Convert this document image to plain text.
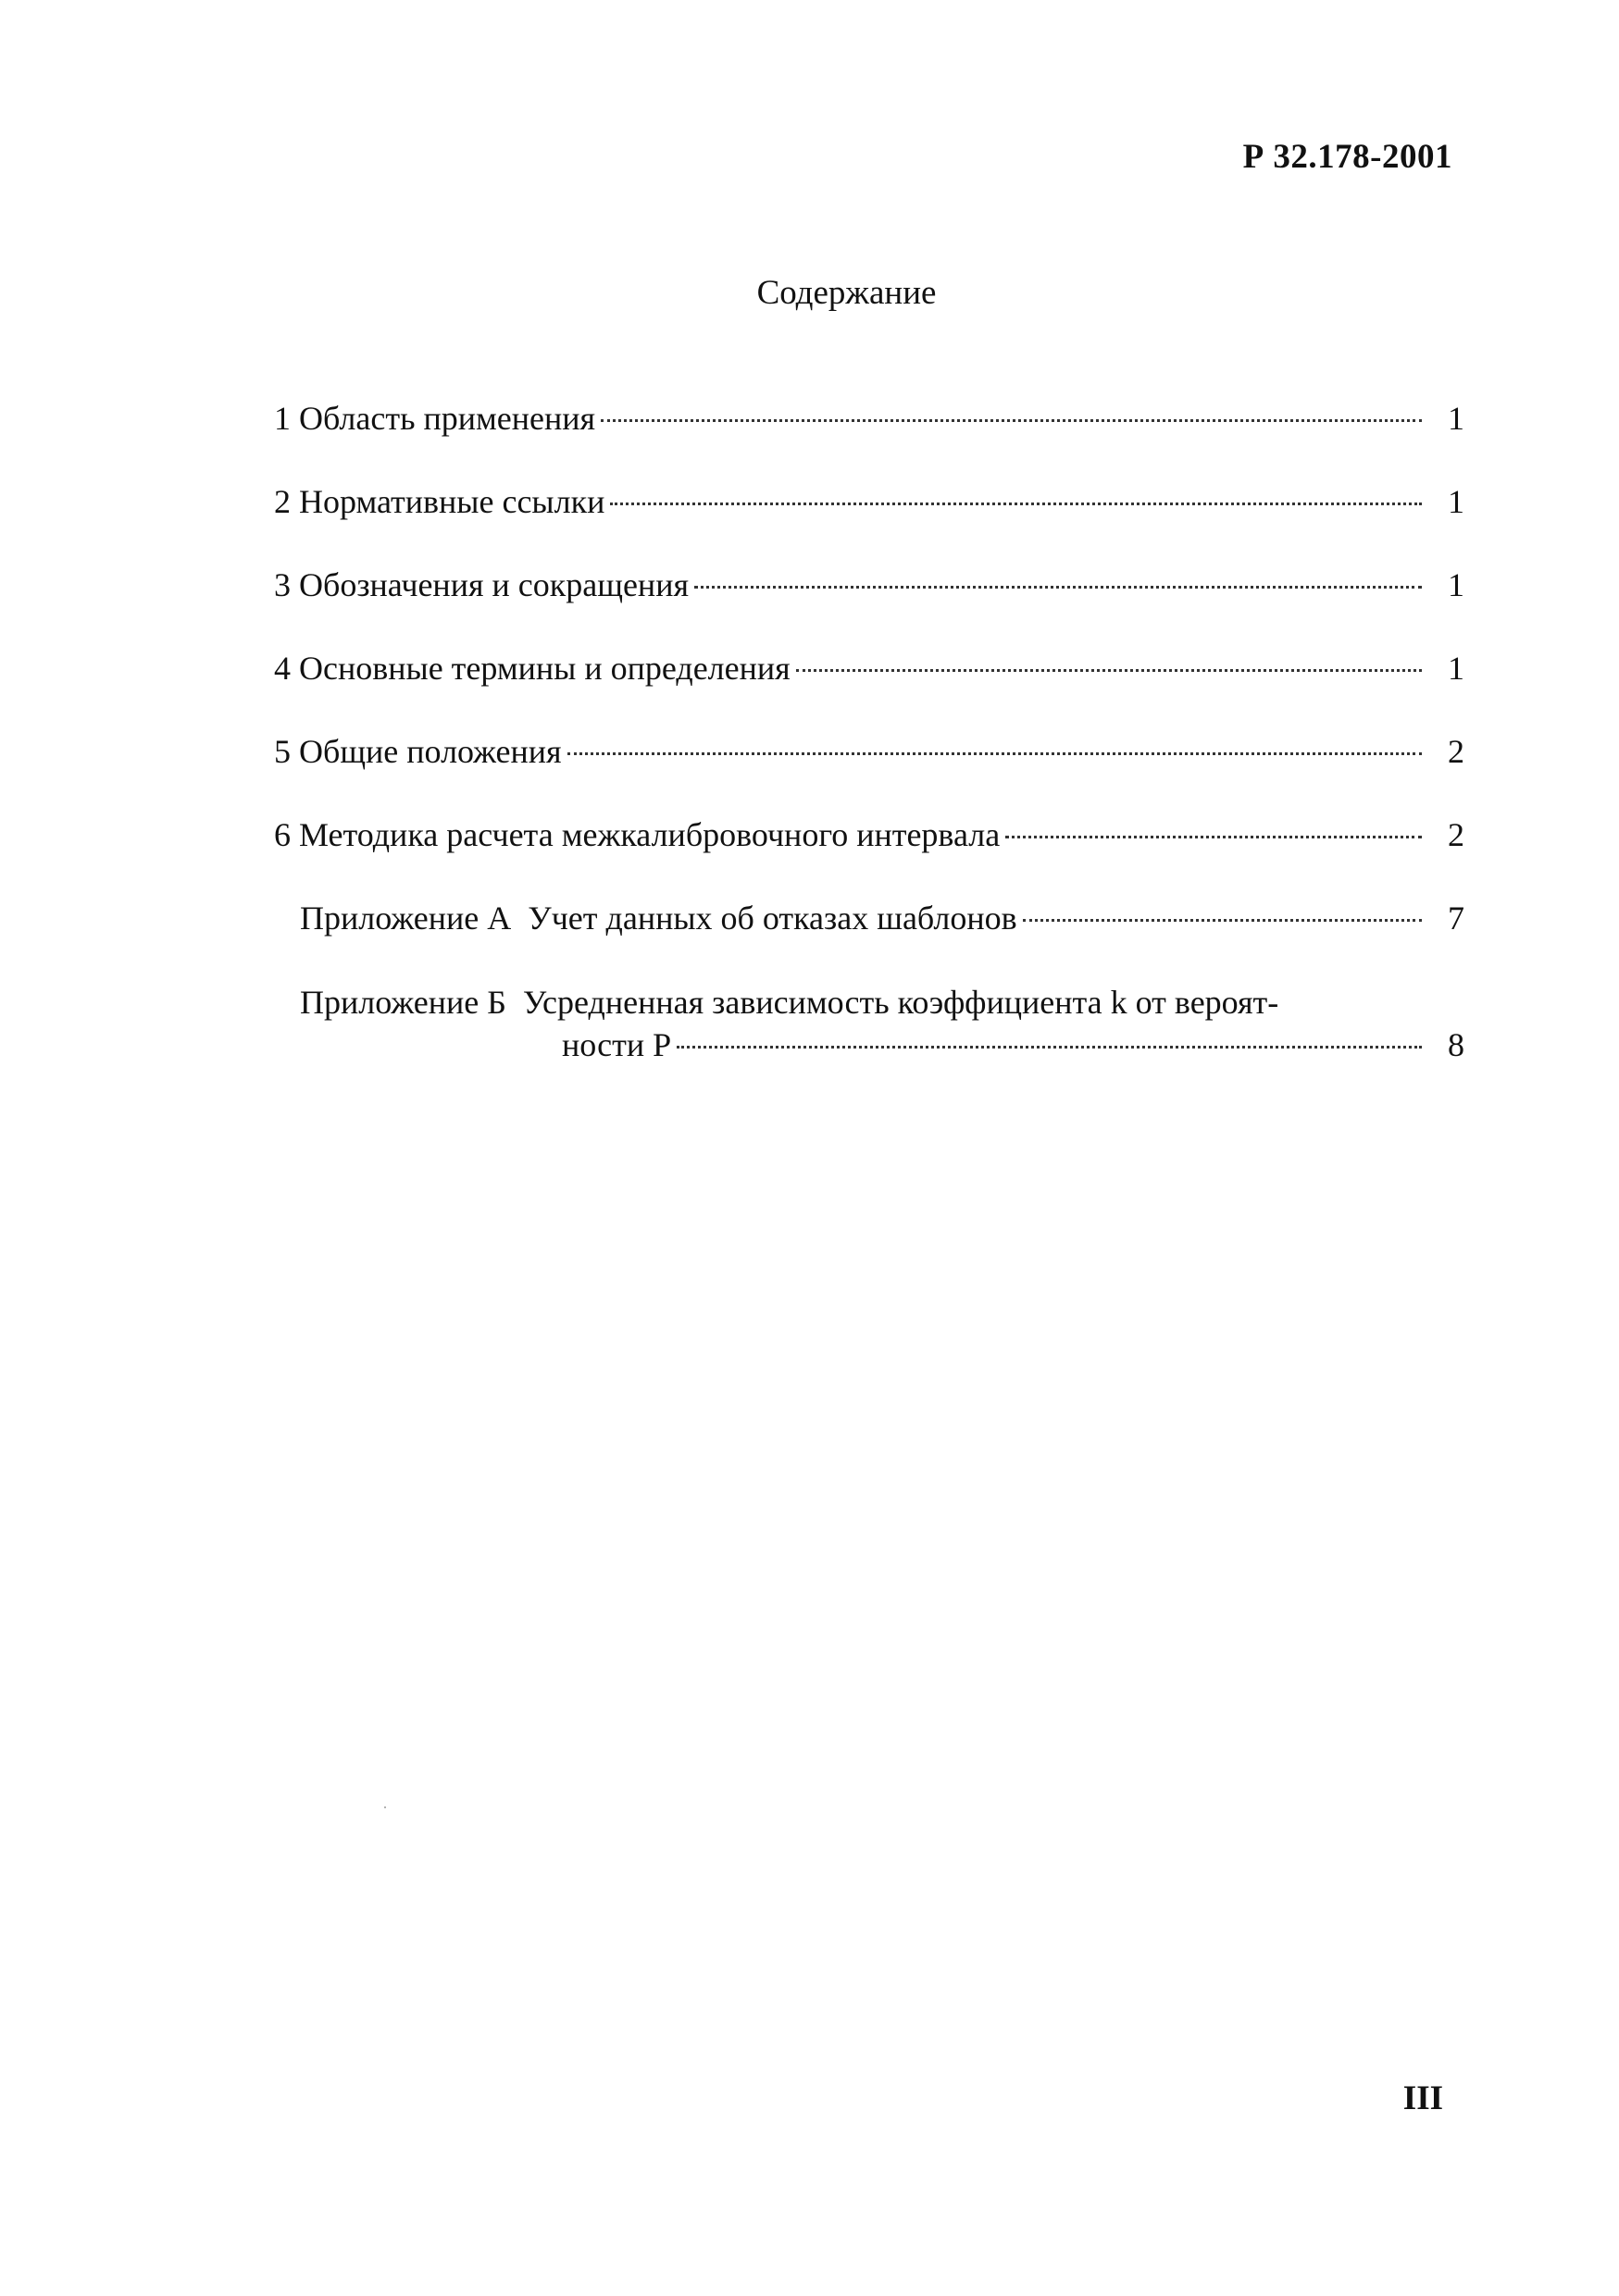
Р 32.178-2001
Содержание
1 Область применения	1
2 Нормативные ссылки	1
3 Обозначения и сокращения	1
4 Основные термины и определения	1
5 Общие положения	2
6 Методика расчета межкалибровочного интервала	2
Приложение А  Учет данных об отказах шаблонов	7
Приложение Б  Усредненная зависимость коэффициента k от вероят-
ности Р	8
III
